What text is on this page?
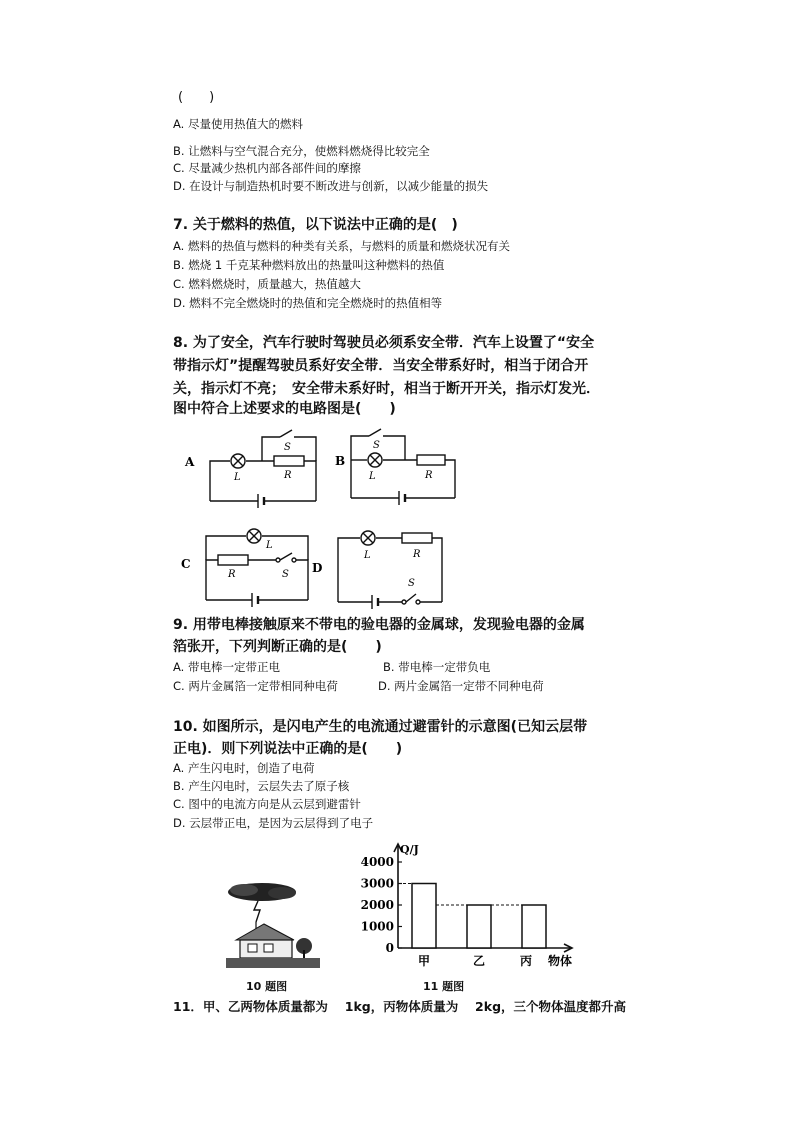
(　　)
A. 尽量使用热值大的燃料
B. 让燃料与空气混合充分，使燃料燃烧得比较完全
C. 尽量减少热机内部各部件间的摩擦
D. 在设计与制造热机时要不断改进与创新，以减少能量的损失
7. 关于燃料的热值，以下说法中正确的是(　)
A. 燃料的热值与燃料的种类有关系，与燃料的质量和燃烧状况有关
B. 燃烧 1 千克某种燃料放出的热量叫这种燃料的热值
C. 燃料燃烧时，质量越大，热值越大
D. 燃料不完全燃烧时的热值和完全燃烧时的热值相等
8. 为了安全，汽车行驶时驾驶员必须系安全带．汽车上设置了“安全
带指示灯”提醒驾驶员系好安全带．当安全带系好时，相当于闭合开
关，指示灯不亮；　安全带未系好时，相当于断开开关，指示灯发光．
图中符合上述要求的电路图是(　　)
A
S
L	R
B
S
L	R
C
L
R	S D
L	R
S
9. 用带电棒接触原来不带电的验电器的金属球，发现验电器的金属
箔张开，下列判断正确的是(　　)
A. 带电棒一定带正电	B. 带电棒一定带负电
C. 两片金属箔一定带相同种电荷	D. 两片金属箔一定带不同种电荷
10. 如图所示，是闪电产生的电流通过避雷针的示意图(已知云层带
正电)．则下列说法中正确的是(　　)
A. 产生闪电时，创造了电荷
B. 产生闪电时，云层失去了原子核
C. 图中的电流方向是从云层到避雷针
D. 云层带正电，是因为云层得到了电子
10 题图
Q/J
0
1000
2000
3000
4000
甲	乙	丙 物体
11 题图
11．甲、乙两物体质量都为　 1kg，丙物体质量为　 2kg，三个物体温度都升高
